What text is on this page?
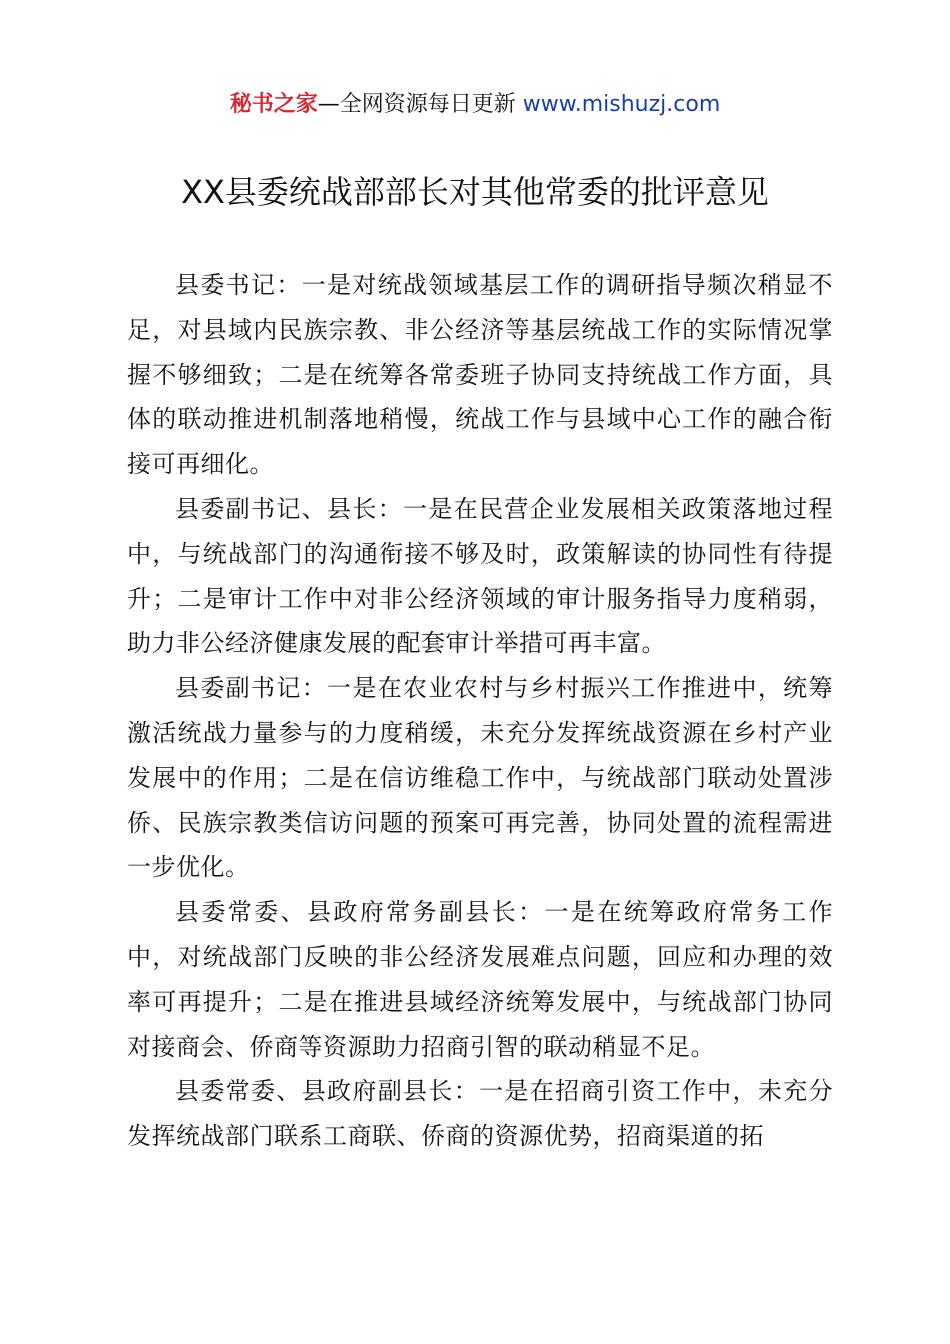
秘书之家—全网资源每日更新 www.mishuzj.com
XX县委统战部部长对其他常委的批评意见

县委书记：一是对统战领域基层工作的调研指导频次稍显不足，对县域内民族宗教、非公经济等基层统战工作的实际情况掌握不够细致；二是在统筹各常委班子协同支持统战工作方面，具体的联动推进机制落地稍慢，统战工作与县域中心工作的融合衔接可再细化。

县委副书记、县长：一是在民营企业发展相关政策落地过程中，与统战部门的沟通衔接不够及时，政策解读的协同性有待提升；二是审计工作中对非公经济领域的审计服务指导力度稍弱，助力非公经济健康发展的配套审计举措可再丰富。

县委副书记：一是在农业农村与乡村振兴工作推进中，统筹激活统战力量参与的力度稍缓，未充分发挥统战资源在乡村产业发展中的作用；二是在信访维稳工作中，与统战部门联动处置涉侨、民族宗教类信访问题的预案可再完善，协同处置的流程需进一步优化。

县委常委、县政府常务副县长：一是在统筹政府常务工作中，对统战部门反映的非公经济发展难点问题，回应和办理的效率可再提升；二是在推进县域经济统筹发展中，与统战部门协同对接商会、侨商等资源助力招商引智的联动稍显不足。

县委常委、县政府副县长：一是在招商引资工作中，未充分发挥统战部门联系工商联、侨商的资源优势，招商渠道的拓
